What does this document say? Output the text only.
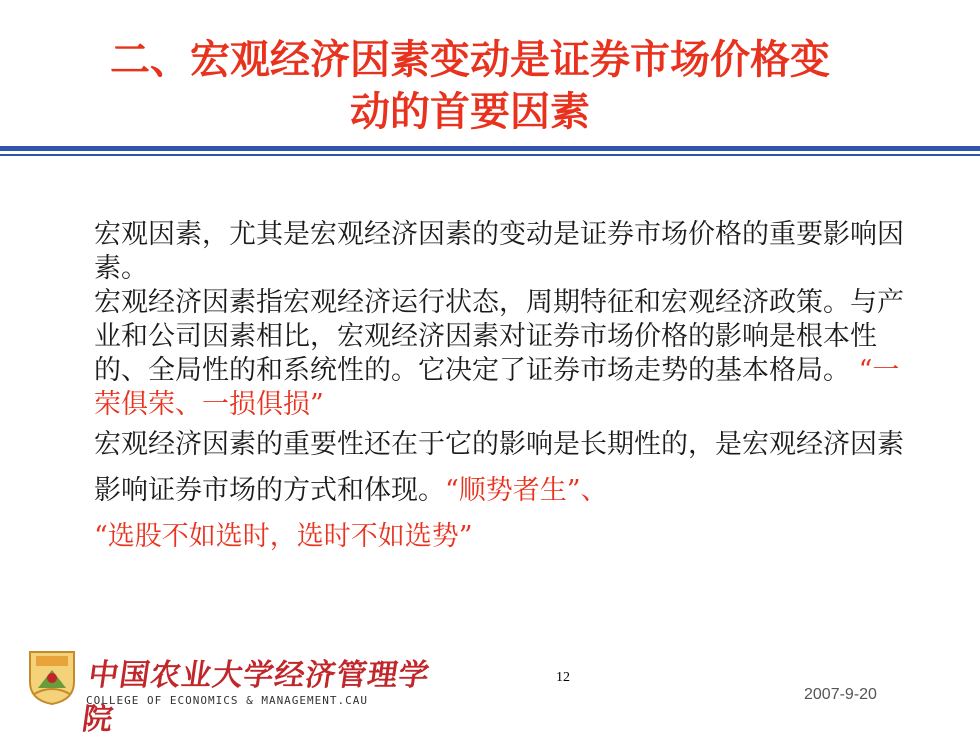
二、宏观经济因素变动是证券市场价格变
动的首要因素

宏观因素，尤其是宏观经济因素的变动是证券市场价格的重要影响因素。

宏观经济因素指宏观经济运行状态，周期特征和宏观经济政策。与产业和公司因素相比，宏观经济因素对证券市场价格的影响是根本性的、全局性的和系统性的。它决定了证券市场走势的基本格局。 “一荣俱荣、一损俱损”

宏观经济因素的重要性还在于它的影响是长期性的，是宏观经济因素影响证券市场的方式和体现。“顺势者生”、
“选股不如选时，选时不如选势”

中国农业大学经济管理学院
COLLEGE OF ECONOMICS & MANAGEMENT.CAU
12
2007-9-20
